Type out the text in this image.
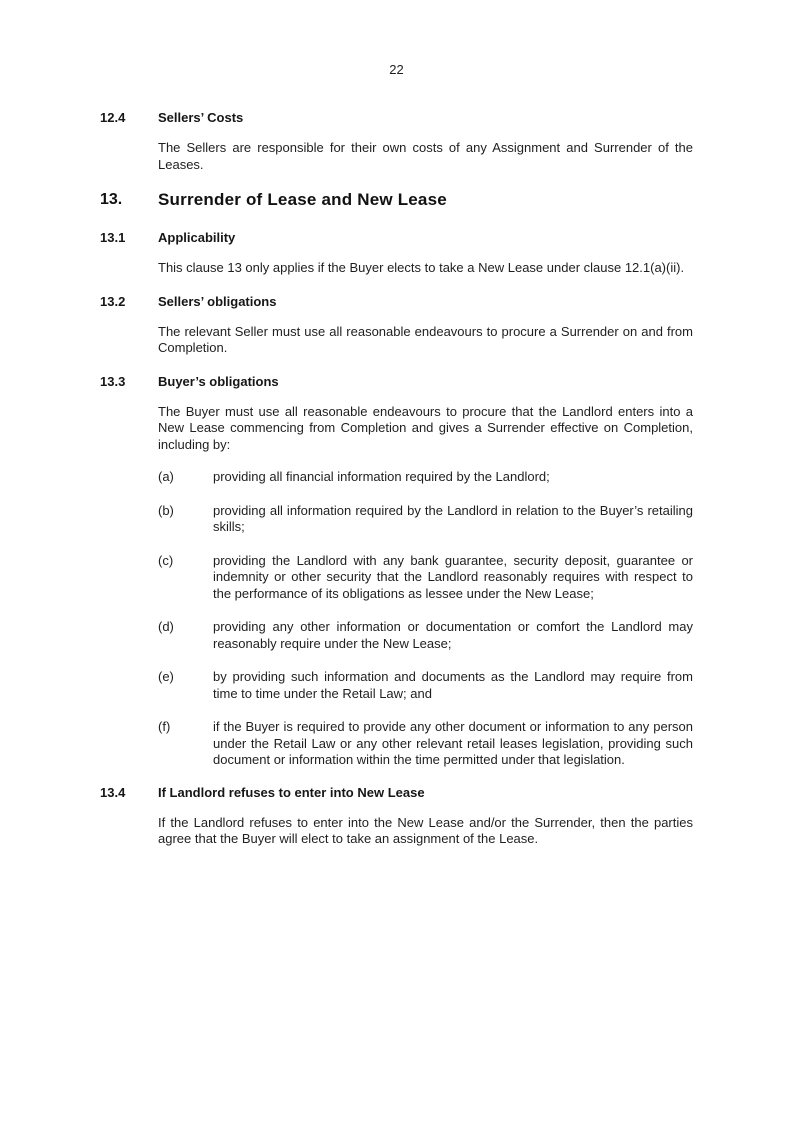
22
12.4	Sellers’ Costs
The Sellers are responsible for their own costs of any Assignment and Surrender of the Leases.
13.	Surrender of Lease and New Lease
13.1	Applicability
This clause 13 only applies if the Buyer elects to take a New Lease under clause 12.1(a)(ii).
13.2	Sellers’ obligations
The relevant Seller must use all reasonable endeavours to procure a Surrender on and from Completion.
13.3	Buyer’s obligations
The Buyer must use all reasonable endeavours to procure that the Landlord enters into a New Lease commencing from Completion and gives a Surrender effective on Completion, including by:
(a)	providing all financial information required by the Landlord;
(b)	providing all information required by the Landlord in relation to the Buyer’s retailing skills;
(c)	providing the Landlord with any bank guarantee, security deposit, guarantee or indemnity or other security that the Landlord reasonably requires with respect to the performance of its obligations as lessee under the New Lease;
(d)	providing any other information or documentation or comfort the Landlord may reasonably require under the New Lease;
(e)	by providing such information and documents as the Landlord may require from time to time under the Retail Law; and
(f)	if the Buyer is required to provide any other document or information to any person under the Retail Law or any other relevant retail leases legislation, providing such document or information within the time permitted under that legislation.
13.4	If Landlord refuses to enter into New Lease
If the Landlord refuses to enter into the New Lease and/or the Surrender, then the parties agree that the Buyer will elect to take an assignment of the Lease.
